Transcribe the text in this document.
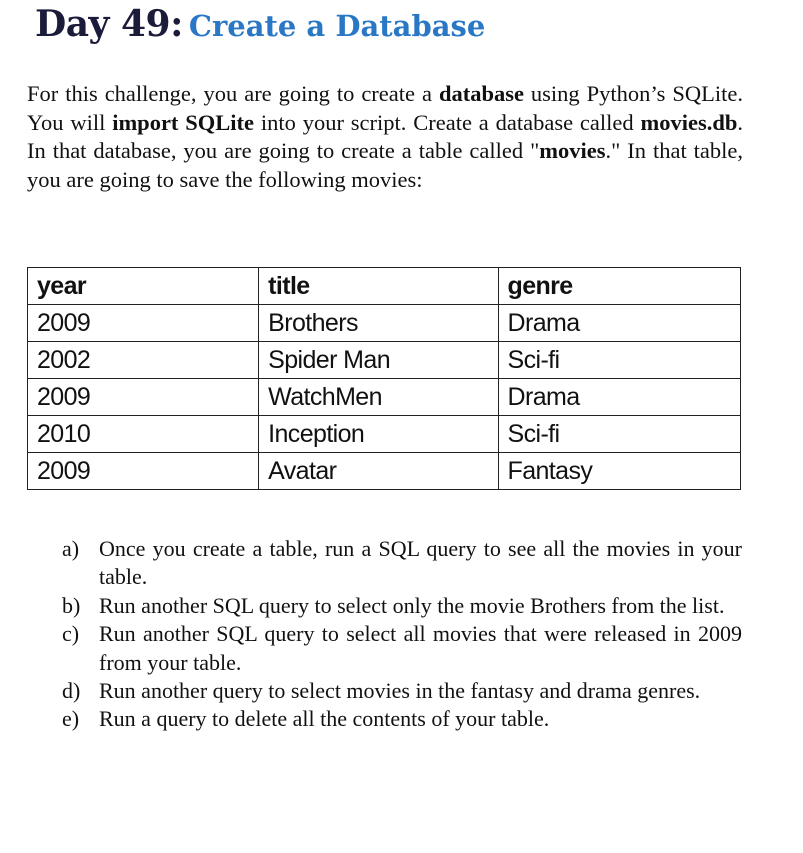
Day 49: Create a Database

For this challenge, you are going to create a database using Python’s SQLite. You will import SQLite into your script. Create a database called movies.db. In that database, you are going to create a table called "movies." In that table, you are going to save the following movies:

year	title	genre
2009	Brothers	Drama
2002	Spider Man	Sci-fi
2009	WatchMen	Drama
2010	Inception	Sci-fi
2009	Avatar	Fantasy
a) Once you create a table, run a SQL query to see all the movies in your table.
b) Run another SQL query to select only the movie Brothers from the list.
c) Run another SQL query to select all movies that were released in 2009 from your table.
d) Run another query to select movies in the fantasy and drama genres.
e) Run a query to delete all the contents of your table.
